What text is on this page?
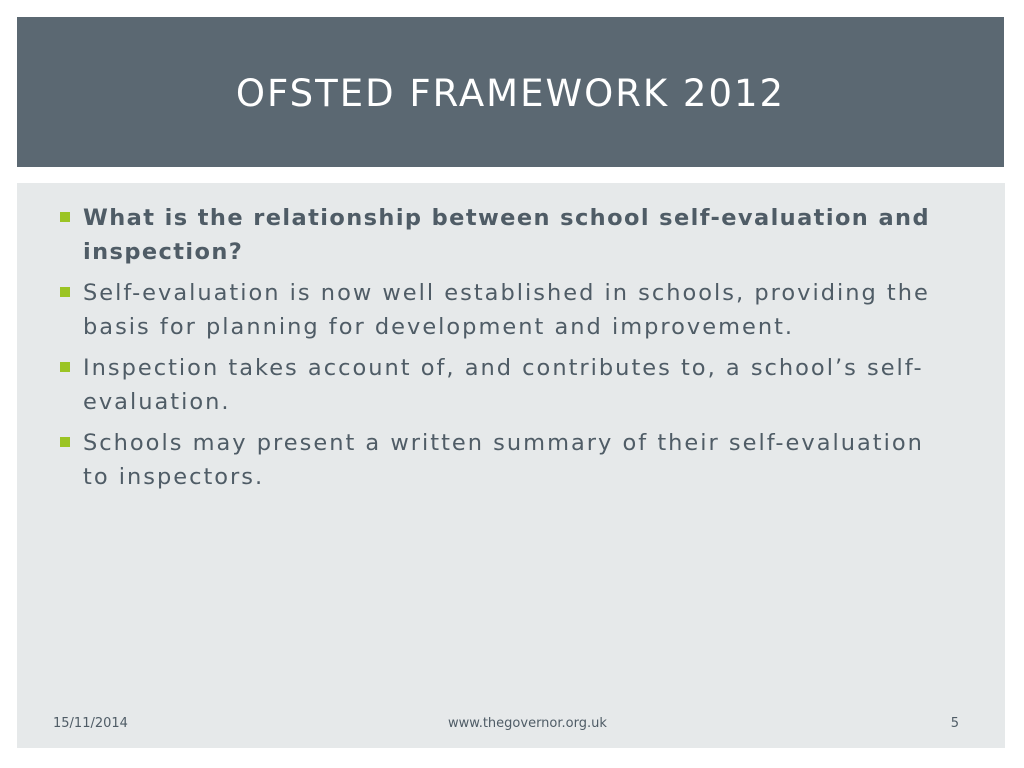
OFSTED FRAMEWORK 2012
What is the relationship between school self-evaluation and inspection?
Self-evaluation is now well established in schools, providing the basis for planning for development and improvement.
Inspection takes account of, and contributes to, a school’s self-evaluation.
Schools may present a written summary of their self-evaluation to inspectors.
15/11/2014	www.thegovernor.org.uk	5
